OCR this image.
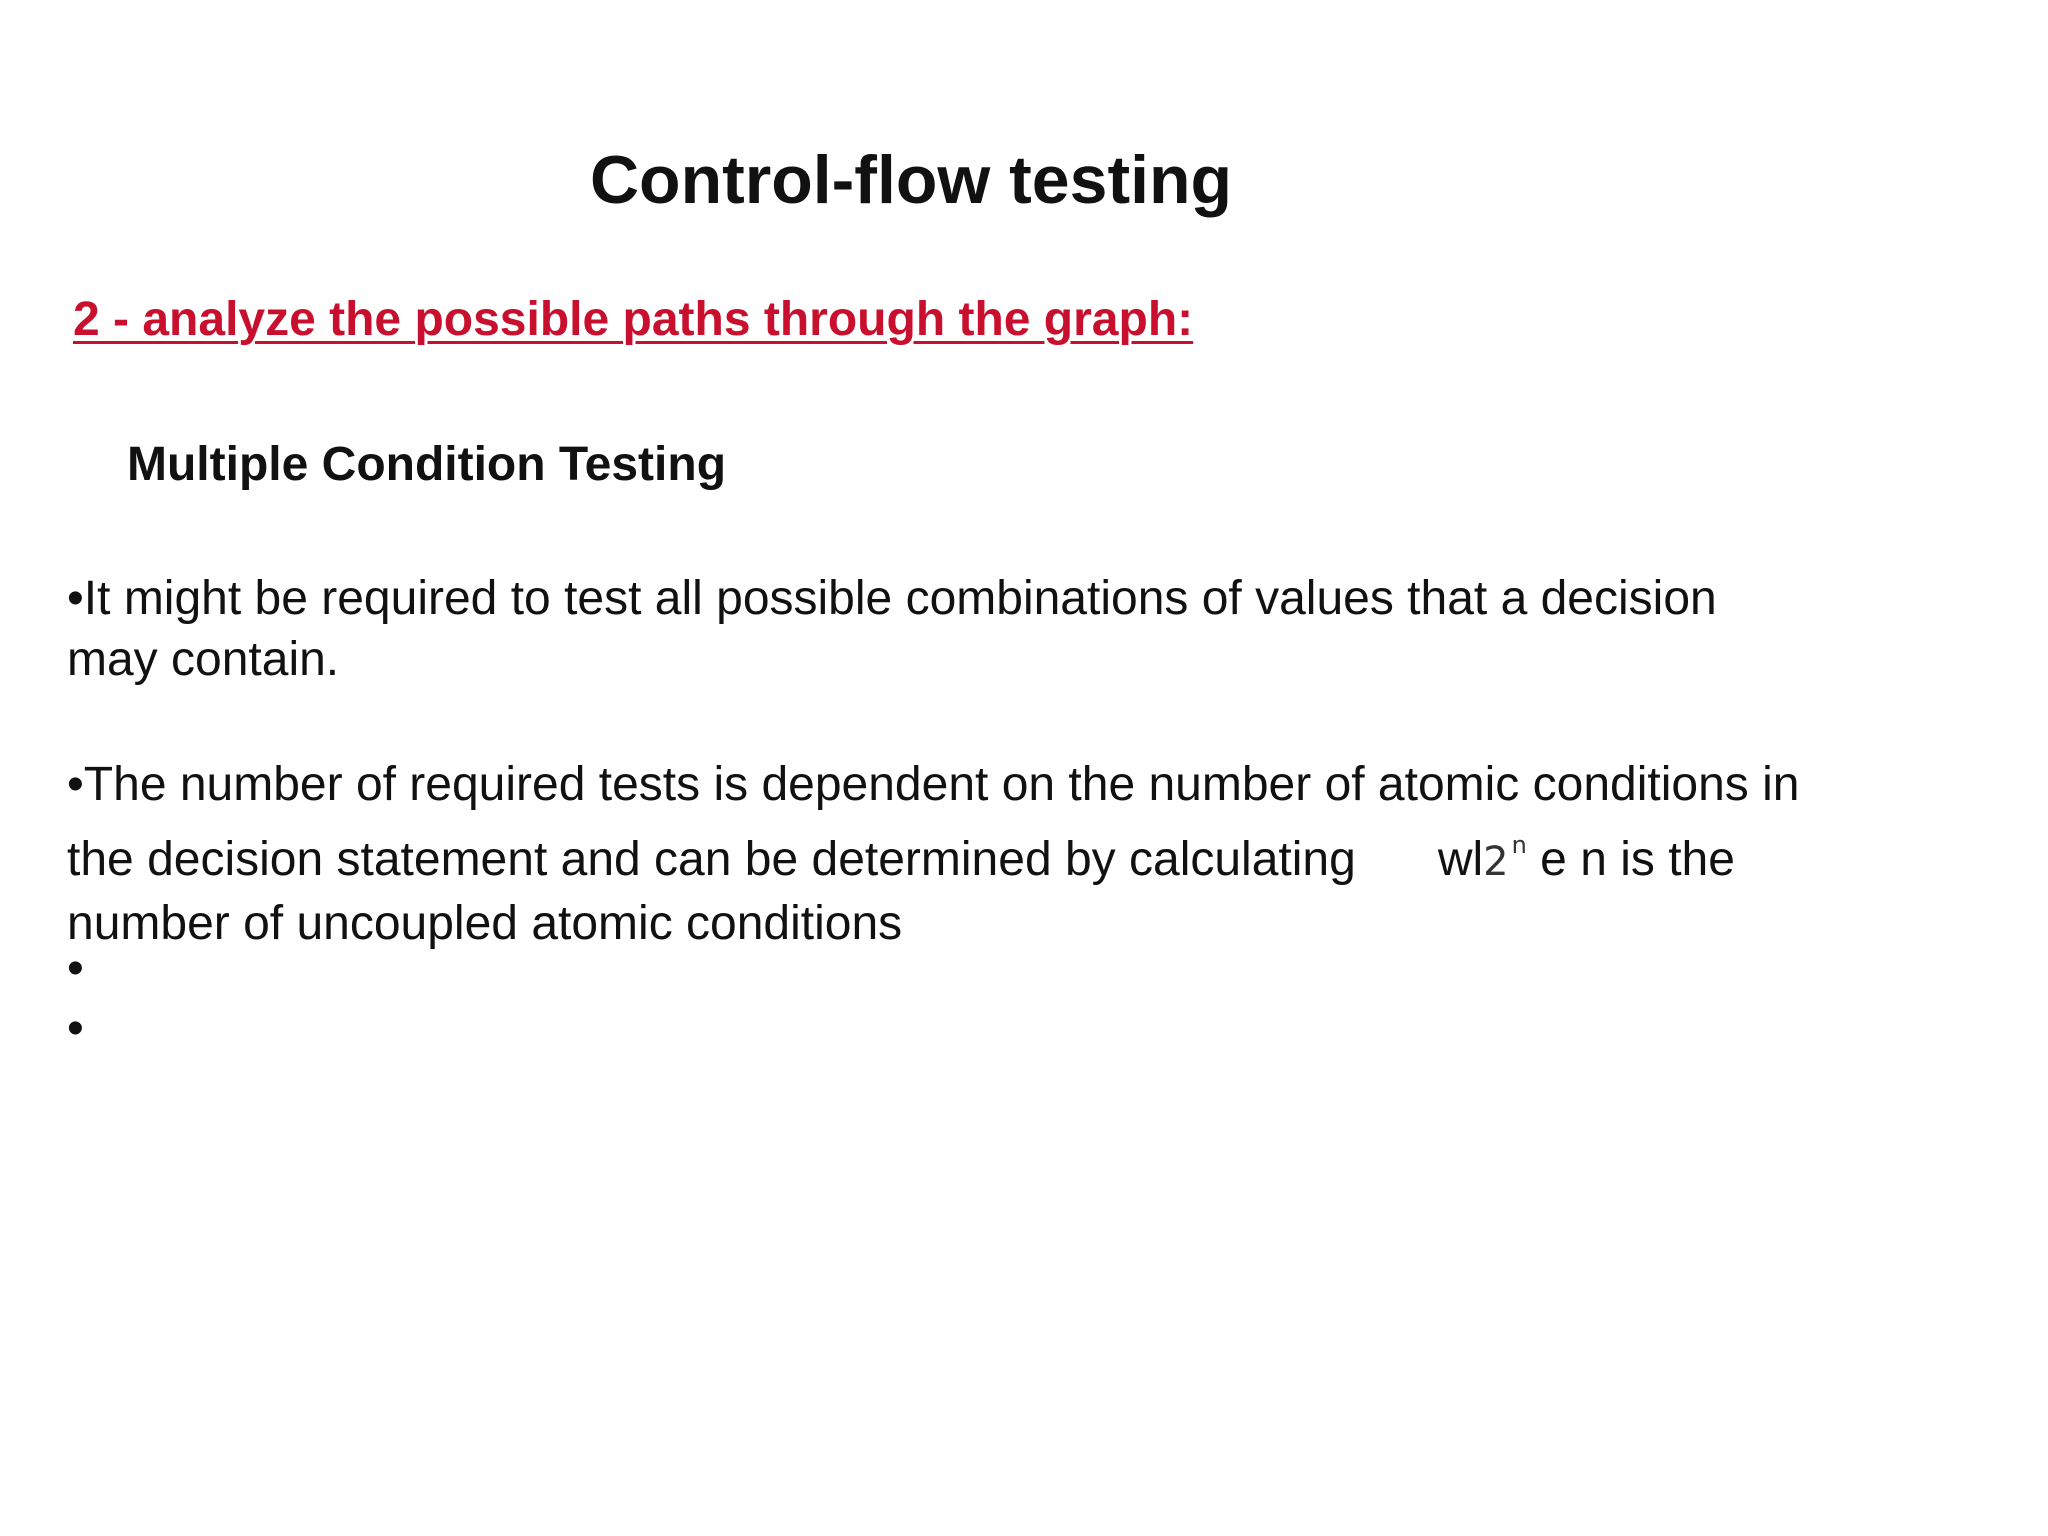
Control-flow testing
2 - analyze the possible paths through the graph:
Multiple Condition Testing

•It might be required to test all possible combinations of values that a decision
may contain.

•The number of required tests is dependent on the number of atomic conditions in
the decision statement and can be determined by calculating wl2 $^n$ e n is the
number of uncoupled atomic conditions

•

•
